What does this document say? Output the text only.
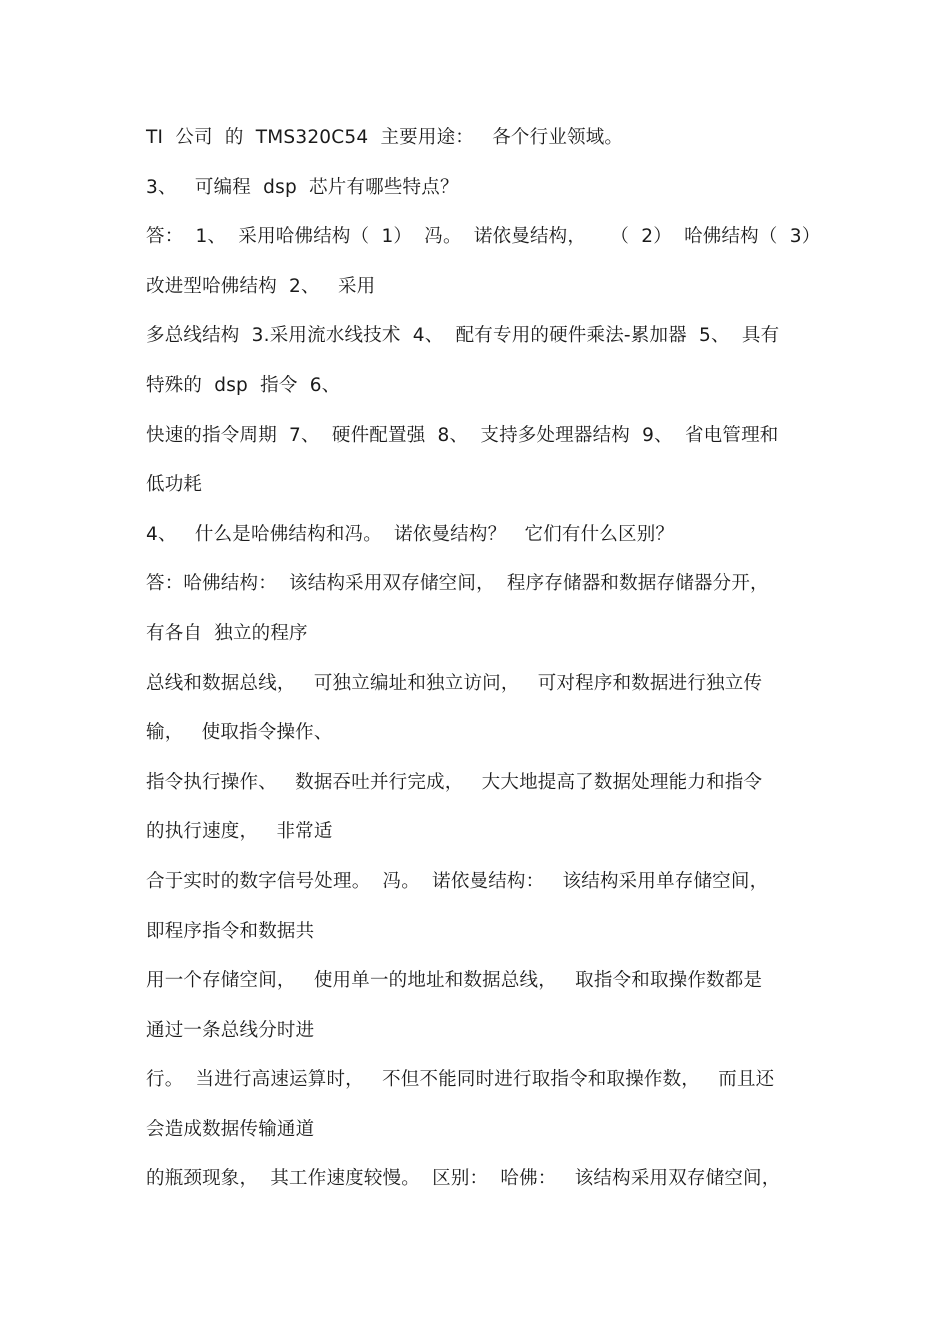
TI  公司  的  TMS320C54  主要用途：   各个行业领域。
3、   可编程  dsp  芯片有哪些特点？
答：  1、  采用哈佛结构（  1）  冯。  诺依曼结构，    （  2）  哈佛结构（  3）
改进型哈佛结构  2、   采用
多总线结构  3.采用流水线技术  4、  配有专用的硬件乘法-累加器  5、  具有
特殊的  dsp  指令  6、
快速的指令周期  7、  硬件配置强  8、  支持多处理器结构  9、  省电管理和
低功耗
4、   什么是哈佛结构和冯。  诺依曼结构？   它们有什么区别？
答：哈佛结构：  该结构采用双存储空间，  程序存储器和数据存储器分开，
有各自  独立的程序
总线和数据总线，   可独立编址和独立访问，   可对程序和数据进行独立传
输，   使取指令操作、
指令执行操作、   数据吞吐并行完成，   大大地提高了数据处理能力和指令
的执行速度，   非常适
合于实时的数字信号处理。  冯。  诺依曼结构：   该结构采用单存储空间，
即程序指令和数据共
用一个存储空间，   使用单一的地址和数据总线，   取指令和取操作数都是
通过一条总线分时进
行。  当进行高速运算时，   不但不能同时进行取指令和取操作数，   而且还
会造成数据传输通道
的瓶颈现象，  其工作速度较慢。  区别：  哈佛：   该结构采用双存储空间，
